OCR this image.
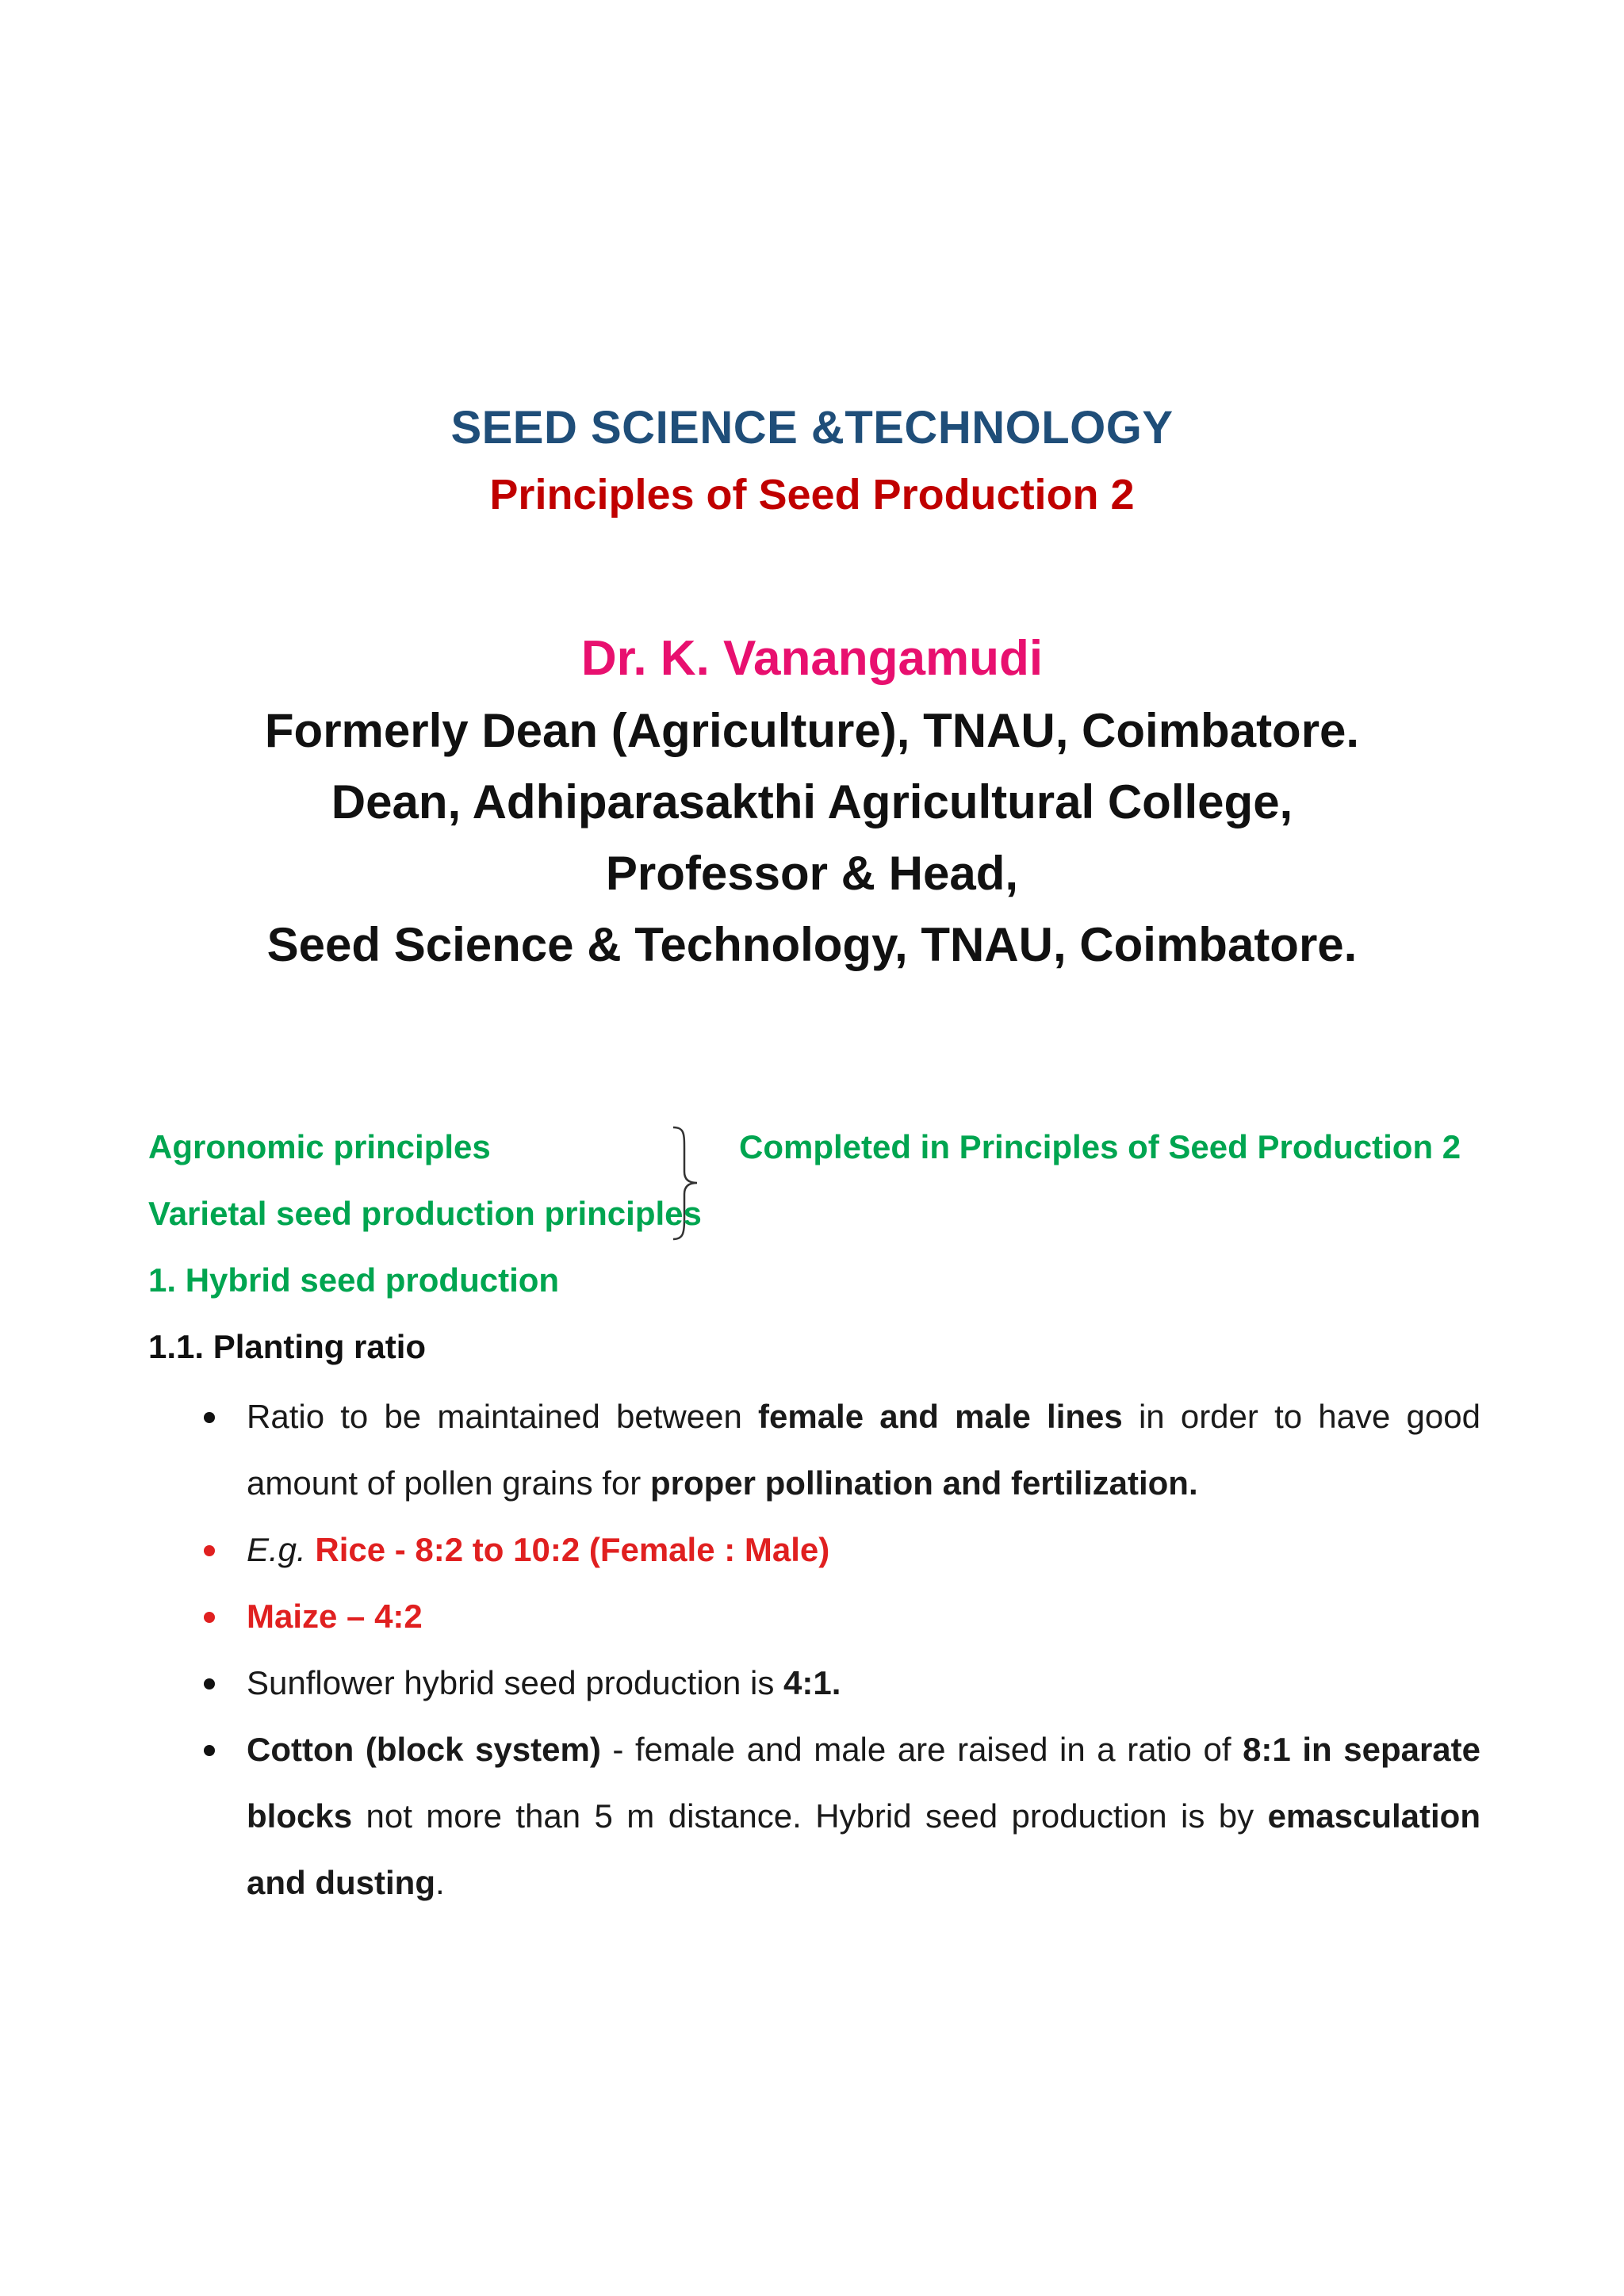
SEED SCIENCE &TECHNOLOGY
Principles of Seed Production 2
Dr. K. Vanangamudi
Formerly Dean (Agriculture), TNAU, Coimbatore.
Dean, Adhiparasakthi Agricultural College,
Professor & Head,
Seed Science & Technology, TNAU, Coimbatore.
Completed in Principles of Seed Production 2
Agronomic principles
Varietal seed production principles
1. Hybrid seed production
1.1. Planting ratio
Ratio to be maintained between female and male lines in order to have good amount of pollen grains for proper pollination and fertilization.
E.g. Rice - 8:2 to 10:2 (Female : Male)
Maize – 4:2
Sunflower hybrid seed production is 4:1.
Cotton (block system) - female and male are raised in a ratio of 8:1 in separate blocks not more than 5 m distance. Hybrid seed production is by emasculation and dusting.
